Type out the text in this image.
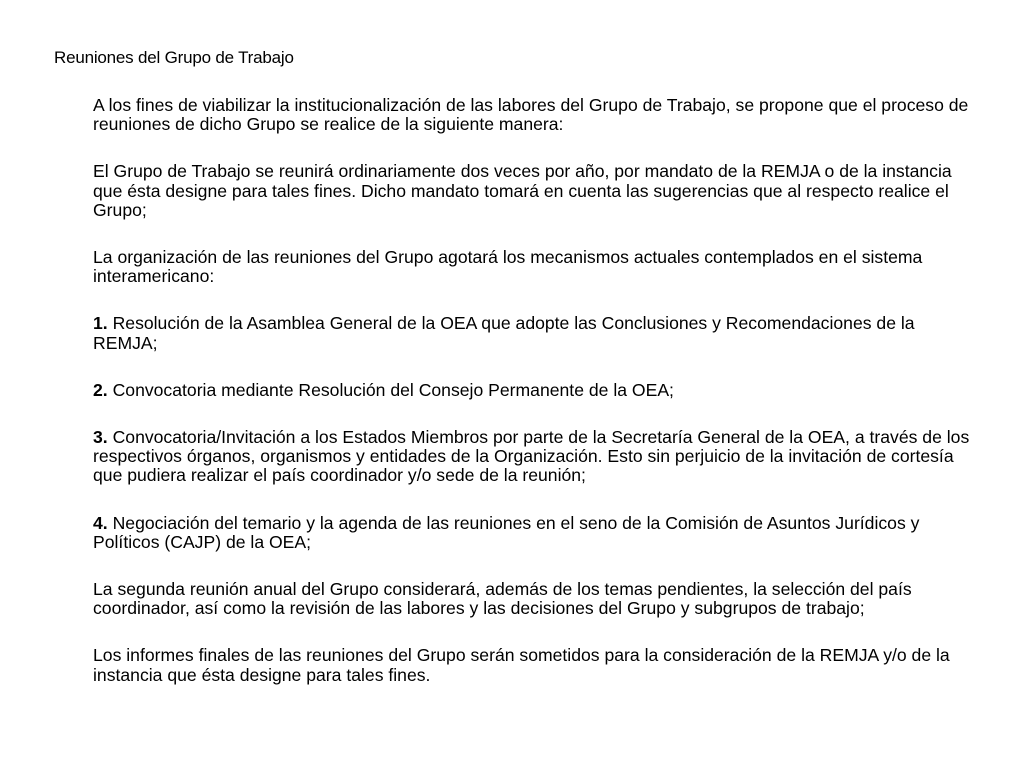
Reuniones del Grupo de Trabajo

A los fines de viabilizar la institucionalización de las labores del Grupo de Trabajo, se propone que el proceso de reuniones de dicho Grupo se realice de la siguiente manera:

El Grupo de Trabajo se reunirá ordinariamente dos veces por año, por mandato de la REMJA o de la instancia que ésta designe para tales fines. Dicho mandato tomará en cuenta las sugerencias que al respecto realice el Grupo;

La organización de las reuniones del Grupo agotará los mecanismos actuales contemplados en el sistema interamericano:

1. Resolución de la Asamblea General de la OEA que adopte las Conclusiones y Recomendaciones de la REMJA;

2. Convocatoria mediante Resolución del Consejo Permanente de la OEA;

3. Convocatoria/Invitación a los Estados Miembros por parte de la Secretaría General de la OEA, a través de los respectivos órganos, organismos y entidades de la Organización. Esto sin perjuicio de la invitación de cortesía que pudiera realizar el país coordinador y/o sede de la reunión;

4. Negociación del temario y la agenda de las reuniones en el seno de la Comisión de Asuntos Jurídicos y Políticos (CAJP) de la OEA;

La segunda reunión anual del Grupo considerará, además de los temas pendientes, la selección del país coordinador, así como la revisión de las labores y las decisiones del Grupo y subgrupos de trabajo;

Los informes finales de las reuniones del Grupo serán sometidos para la consideración de la REMJA y/o de la instancia que ésta designe para tales fines.
